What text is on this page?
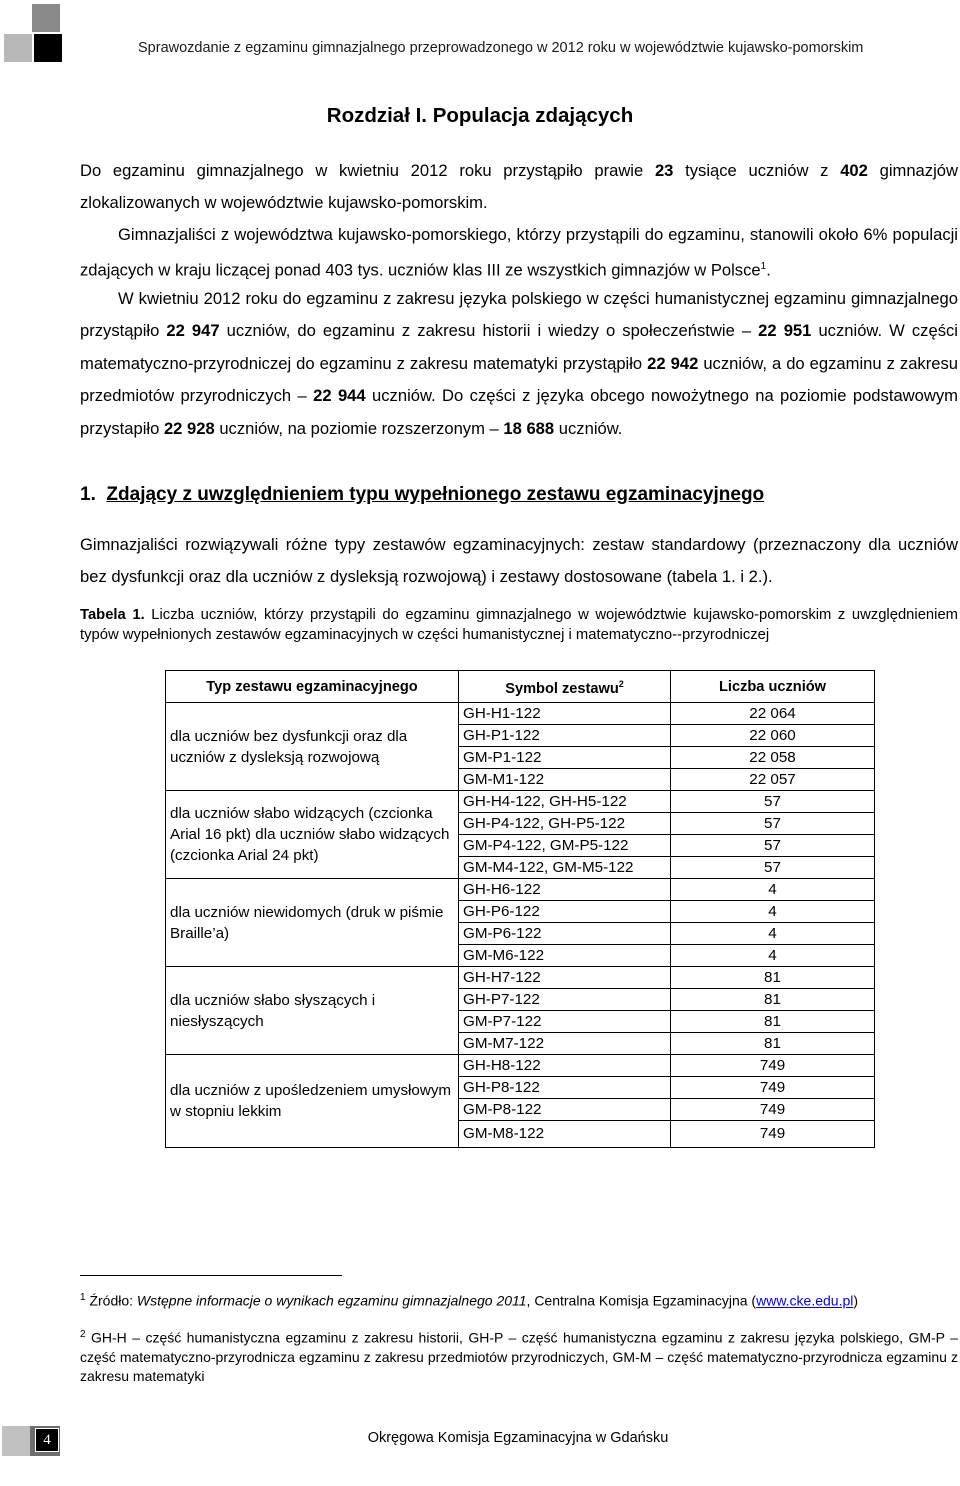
Sprawozdanie z egzaminu gimnazjalnego przeprowadzonego w 2012 roku w województwie kujawsko-pomorskim
Rozdział I. Populacja zdających
Do egzaminu gimnazjalnego w kwietniu 2012 roku przystąpiło prawie 23 tysiące uczniów z 402 gimnazjów zlokalizowanych w województwie kujawsko-pomorskim.
Gimnazjaliści z województwa kujawsko-pomorskiego, którzy przystąpili do egzaminu, stanowili około 6% populacji zdających w kraju liczącej ponad 403 tys. uczniów klas III ze wszystkich gimnazjów w Polsce$^1$.
W kwietniu 2012 roku do egzaminu z zakresu języka polskiego w części humanistycznej egzaminu gimnazjalnego przystąpiło 22 947 uczniów, do egzaminu z zakresu historii i wiedzy o społeczeństwie – 22 951 uczniów. W części matematyczno-przyrodniczej do egzaminu z zakresu matematyki przystąpiło 22 942 uczniów, a do egzaminu z zakresu przedmiotów przyrodniczych – 22 944 uczniów. Do części z języka obcego nowożytnego na poziomie podstawowym przystapiło 22 928 uczniów, na poziomie rozszerzonym – 18 688 uczniów.
1. Zdający z uwzględnieniem typu wypełnionego zestawu egzaminacyjnego
Gimnazjaliści rozwiązywali różne typy zestawów egzaminacyjnych: zestaw standardowy (przeznaczony dla uczniów bez dysfunkcji oraz dla uczniów z dysleksją rozwojową) i zestawy dostosowane (tabela 1. i 2.).
Tabela 1. Liczba uczniów, którzy przystąpili do egzaminu gimnazjalnego w województwie kujawsko-pomorskim z uwzględnieniem typów wypełnionych zestawów egzaminacyjnych w części humanistycznej i matematyczno--przyrodniczej
Typ zestawu egzaminacyjnego	Symbol zestawu$^2$	Liczba uczniów
dla uczniów bez dysfunkcji oraz dla uczniów z dysleksją rozwojową	GH-H1-122	22 064
	GH-P1-122	22 060
	GM-P1-122	22 058
	GM-M1-122	22 057
dla uczniów słabo widzących (czcionka Arial 16 pkt) dla uczniów słabo widzących (czcionka Arial 24 pkt)	GH-H4-122, GH-H5-122	57
	GH-P4-122, GH-P5-122	57
	GM-P4-122, GM-P5-122	57
	GM-M4-122, GM-M5-122	57
dla uczniów niewidomych (druk w piśmie Braille’a)	GH-H6-122	4
	GH-P6-122	4
	GM-P6-122	4
	GM-M6-122	4
dla uczniów słabo słyszących i niesłyszących	GH-H7-122	81
	GH-P7-122	81
	GM-P7-122	81
	GM-M7-122	81
dla uczniów z upośledzeniem umysłowym w stopniu lekkim	GH-H8-122	749
	GH-P8-122	749
	GM-P8-122	749
	GM-M8-122	749
$^1$ Źródło: Wstępne informacje o wynikach egzaminu gimnazjalnego 2011, Centralna Komisja Egzaminacyjna (www.cke.edu.pl)
$^2$ GH-H – część humanistyczna egzaminu z zakresu historii, GH-P – część humanistyczna egzaminu z zakresu języka polskiego, GM-P – część matematyczno-przyrodnicza egzaminu z zakresu przedmiotów przyrodniczych, GM-M – część matematyczno-przyrodnicza egzaminu z zakresu matematyki
4	Okręgowa Komisja Egzaminacyjna w Gdańsku
